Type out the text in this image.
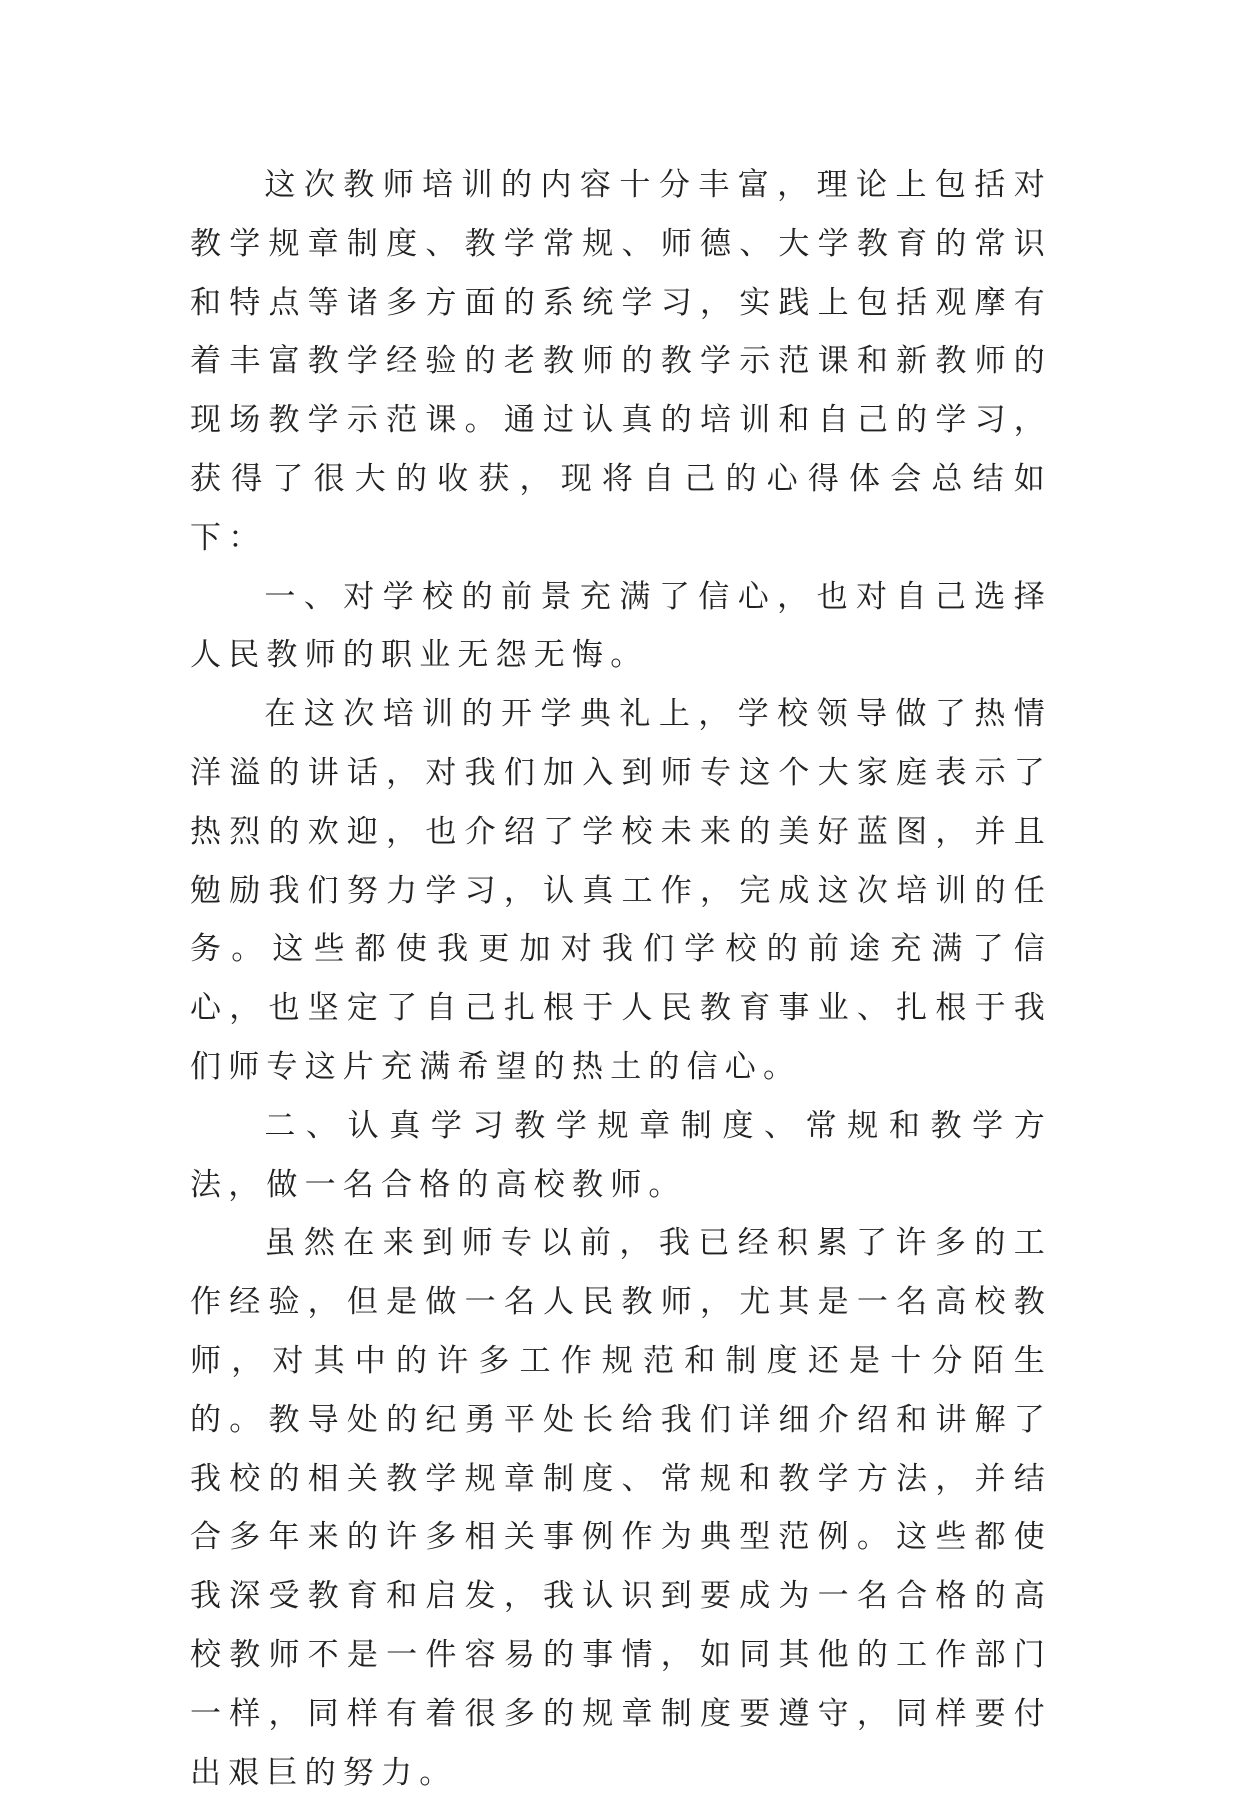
这次教师培训的内容十分丰富，理论上包括对教学规章制度、教学常规、师德、大学教育的常识和特点等诸多方面的系统学习，实践上包括观摩有着丰富教学经验的老教师的教学示范课和新教师的现场教学示范课。通过认真的培训和自己的学习，获得了很大的收获，现将自己的心得体会总结如下：

一、对学校的前景充满了信心，也对自己选择人民教师的职业无怨无悔。

在这次培训的开学典礼上，学校领导做了热情洋溢的讲话，对我们加入到师专这个大家庭表示了热烈的欢迎，也介绍了学校未来的美好蓝图，并且勉励我们努力学习，认真工作，完成这次培训的任务。这些都使我更加对我们学校的前途充满了信心，也坚定了自己扎根于人民教育事业、扎根于我们师专这片充满希望的热土的信心。

二、认真学习教学规章制度、常规和教学方法，做一名合格的高校教师。

虽然在来到师专以前，我已经积累了许多的工作经验，但是做一名人民教师，尤其是一名高校教师，对其中的许多工作规范和制度还是十分陌生的。教导处的纪勇平处长给我们详细介绍和讲解了我校的相关教学规章制度、常规和教学方法，并结合多年来的许多相关事例作为典型范例。这些都使我深受教育和启发，我认识到要成为一名合格的高校教师不是一件容易的事情，如同其他的工作部门一样，同样有着很多的规章制度要遵守，同样要付出艰巨的努力。
